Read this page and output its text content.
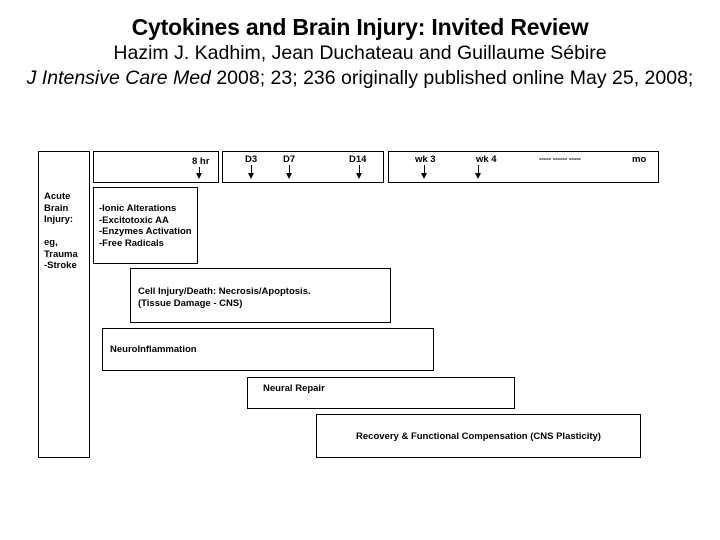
Cytokines and Brain Injury: Invited Review
Hazim J. Kadhim, Jean Duchateau and Guillaume Sébire
J Intensive Care Med 2008; 23; 236 originally published online May 25, 2008;
Acute
Brain
Injury:
eg,
Trauma
-Stroke
8 hr	D3	D7	D14	wk 3	wk 4	----- ------ -----	mo
-Ionic Alterations
-Excitotoxic AA
-Enzymes Activation
-Free Radicals
Cell Injury/Death: Necrosis/Apoptosis.
(Tissue Damage - CNS)
NeuroInflammation
Neural Repair
Recovery & Functional Compensation (CNS Plasticity)
